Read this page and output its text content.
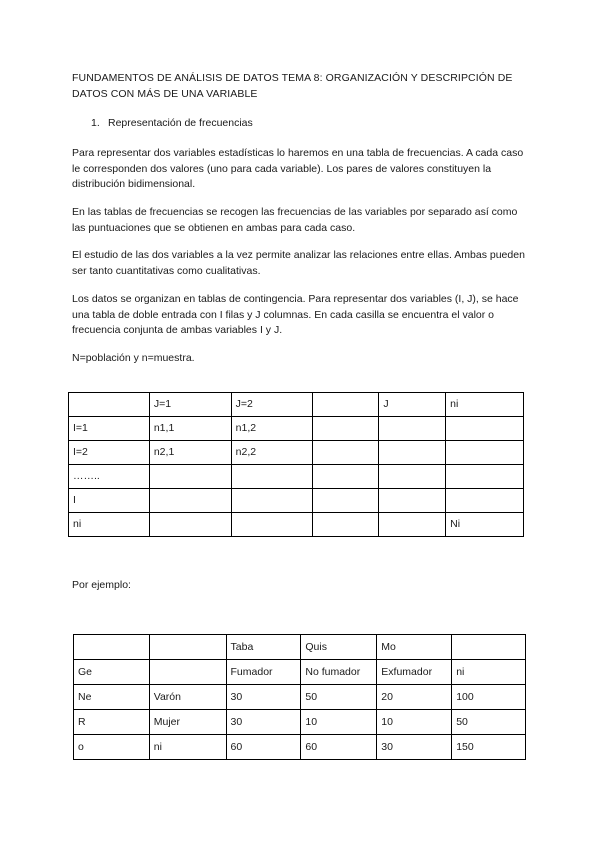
FUNDAMENTOS DE ANÁLISIS DE DATOS TEMA 8: ORGANIZACIÓN Y DESCRIPCIÓN DE DATOS CON MÁS DE UNA VARIABLE
1. Representación de frecuencias
Para representar dos variables estadísticas lo haremos en una tabla de frecuencias. A cada caso le corresponden dos valores (uno para cada variable). Los pares de valores constituyen la distribución bidimensional.
En las tablas de frecuencias se recogen las frecuencias de las variables por separado así como las puntuaciones que se obtienen en ambas para cada caso.
El estudio de las dos variables a la vez permite analizar las relaciones entre ellas. Ambas pueden ser tanto cuantitativas como cualitativas.
Los datos se organizan en tablas de contingencia. Para representar dos variables (I, J), se hace una tabla de doble entrada con I filas y J columnas. En cada casilla se encuentra el valor o frecuencia conjunta de ambas variables I y J.
N=población y n=muestra.
	J=1	J=2		J	ni
I=1	n1,1	n1,2			
I=2	n2,1	n2,2			
……..					
I					
ni					Ni
Por ejemplo:
		Taba	Quis	Mo	
Ge		Fumador	No fumador	Exfumador	ni
Ne	Varón	30	50	20	100
R	Mujer	30	10	10	50
o	ni	60	60	30	150
